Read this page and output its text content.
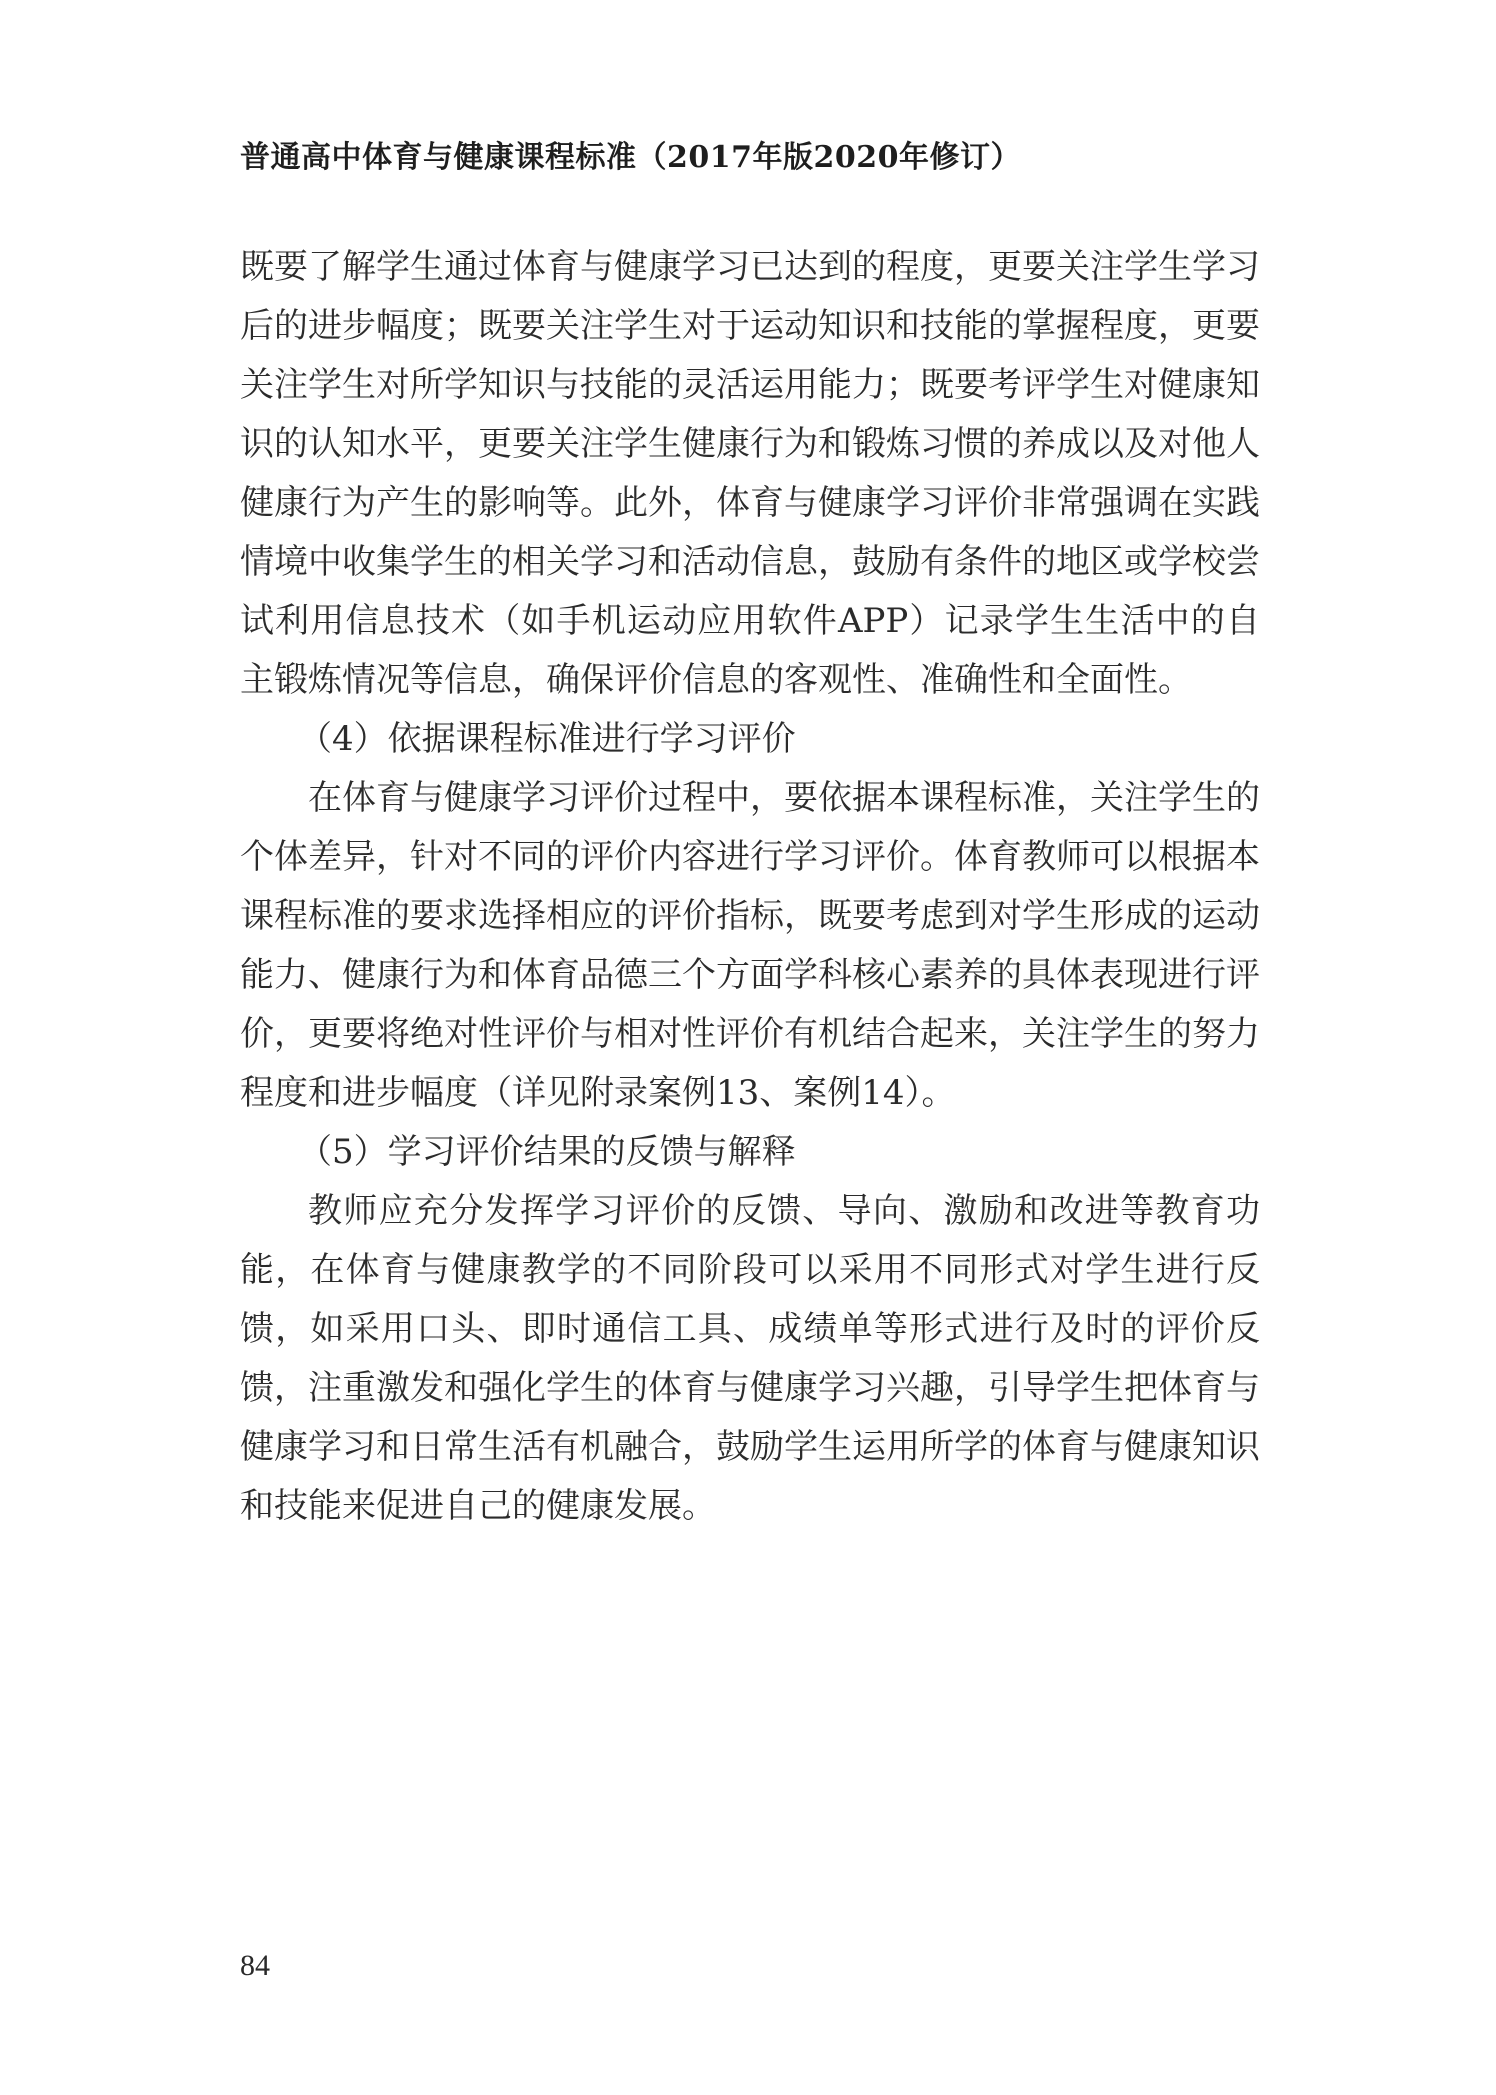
普通高中体育与健康课程标准（2017年版2020年修订）

既要了解学生通过体育与健康学习已达到的程度，更要关注学生学习后的进步幅度；既要关注学生对于运动知识和技能的掌握程度，更要关注学生对所学知识与技能的灵活运用能力；既要考评学生对健康知识的认知水平，更要关注学生健康行为和锻炼习惯的养成以及对他人健康行为产生的影响等。此外，体育与健康学习评价非常强调在实践情境中收集学生的相关学习和活动信息，鼓励有条件的地区或学校尝试利用信息技术（如手机运动应用软件APP）记录学生生活中的自主锻炼情况等信息，确保评价信息的客观性、准确性和全面性。

（4）依据课程标准进行学习评价

在体育与健康学习评价过程中，要依据本课程标准，关注学生的个体差异，针对不同的评价内容进行学习评价。体育教师可以根据本课程标准的要求选择相应的评价指标，既要考虑到对学生形成的运动能力、健康行为和体育品德三个方面学科核心素养的具体表现进行评价，更要将绝对性评价与相对性评价有机结合起来，关注学生的努力程度和进步幅度（详见附录案例13、案例14）。

（5）学习评价结果的反馈与解释

教师应充分发挥学习评价的反馈、导向、激励和改进等教育功能，在体育与健康教学的不同阶段可以采用不同形式对学生进行反馈，如采用口头、即时通信工具、成绩单等形式进行及时的评价反馈，注重激发和强化学生的体育与健康学习兴趣，引导学生把体育与健康学习和日常生活有机融合，鼓励学生运用所学的体育与健康知识和技能来促进自己的健康发展。

84
